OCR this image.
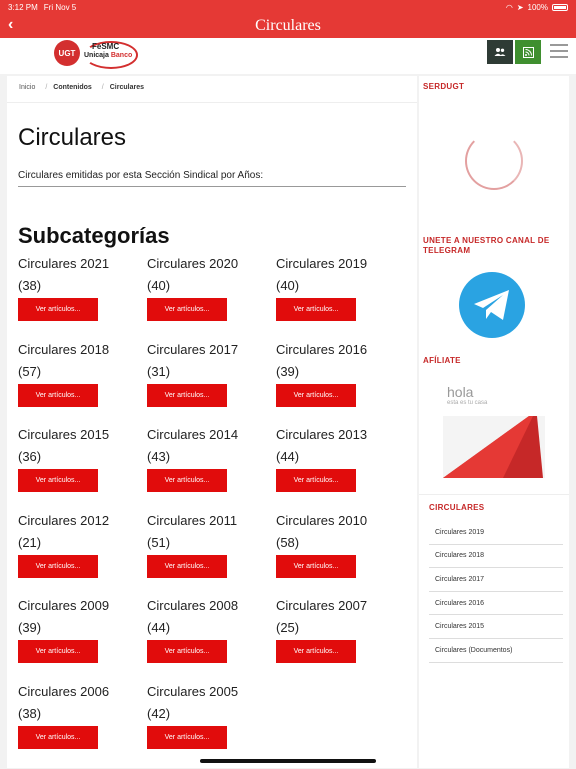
3:12 PM Fri Nov 5	◠ ➤ 100%
‹	Circulares
UGT
FeSMC
Unicaja Banco
Inicio / Contenidos / Circulares
Circulares

Circulares emitidas por esta Sección Sindical por Años:

Subcategorías
Circulares 2021
(38)
Ver artículos...
Circulares 2020
(40)
Ver artículos...
Circulares 2019
(40)
Ver artículos...
Circulares 2018
(57)
Ver artículos...
Circulares 2017
(31)
Ver artículos...
Circulares 2016
(39)
Ver artículos...
Circulares 2015
(36)
Ver artículos...
Circulares 2014
(43)
Ver artículos...
Circulares 2013
(44)
Ver artículos...
Circulares 2012
(21)
Ver artículos...
Circulares 2011
(51)
Ver artículos...
Circulares 2010
(58)
Ver artículos...
Circulares 2009
(39)
Ver artículos...
Circulares 2008
(44)
Ver artículos...
Circulares 2007
(25)
Ver artículos...
Circulares 2006
(38)
Ver artículos...
Circulares 2005
(42)
Ver artículos...
SERDUGT
UNETE A NUESTRO CANAL DE TELEGRAM
AFÍLIATE
hola
esta es tu casa
CIRCULARES
Circulares 2019
Circulares 2018
Circulares 2017
Circulares 2016
Circulares 2015
Circulares (Documentos)
